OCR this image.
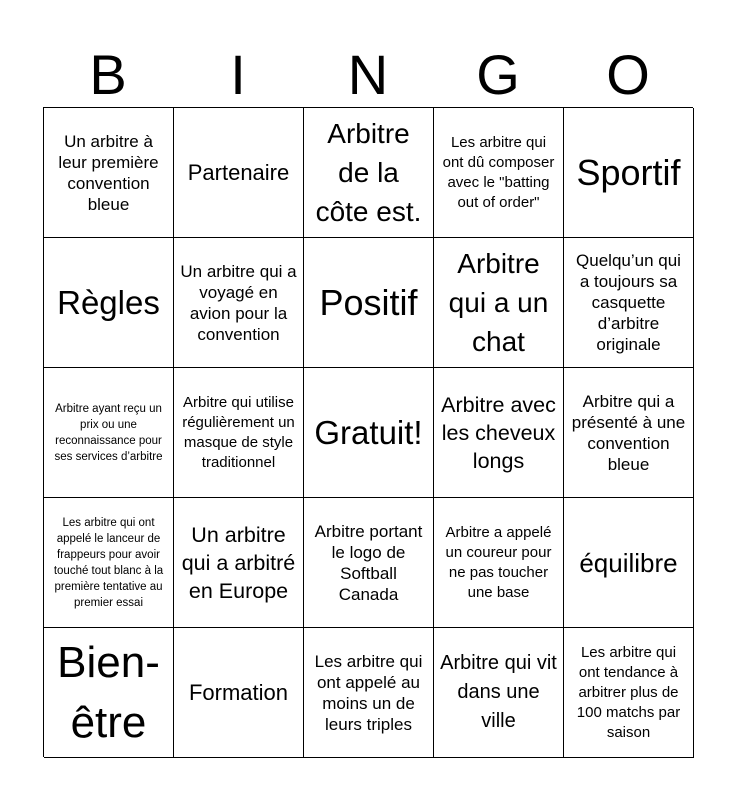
B	I	N	G	O
Un arbitre à leur première convention bleue
Partenaire
Arbitre de la côte est.
Les arbitre qui ont dû composer avec le "batting out of order"
Sportif
Règles
Un arbitre qui a voyagé en avion pour la convention
Positif
Arbitre qui a un chat
Quelqu’un qui a toujours sa casquette d’arbitre originale
Arbitre ayant reçu un prix ou une reconnaissance pour ses services d’arbitre
Arbitre qui utilise régulièrement un masque de style traditionnel
Gratuit!
Arbitre avec les cheveux longs
Arbitre qui a présenté à une convention bleue
Les arbitre qui ont appelé le lanceur de frappeurs pour avoir touché tout blanc à la première tentative au premier essai
Un arbitre qui a arbitré en Europe
Arbitre portant le logo de Softball Canada
Arbitre a appelé un coureur pour ne pas toucher une base
équilibre
Bien-être
Formation
Les arbitre qui ont appelé au moins un de leurs triples
Arbitre qui vit dans une ville
Les arbitre qui ont tendance à arbitrer plus de 100 matchs par saison
